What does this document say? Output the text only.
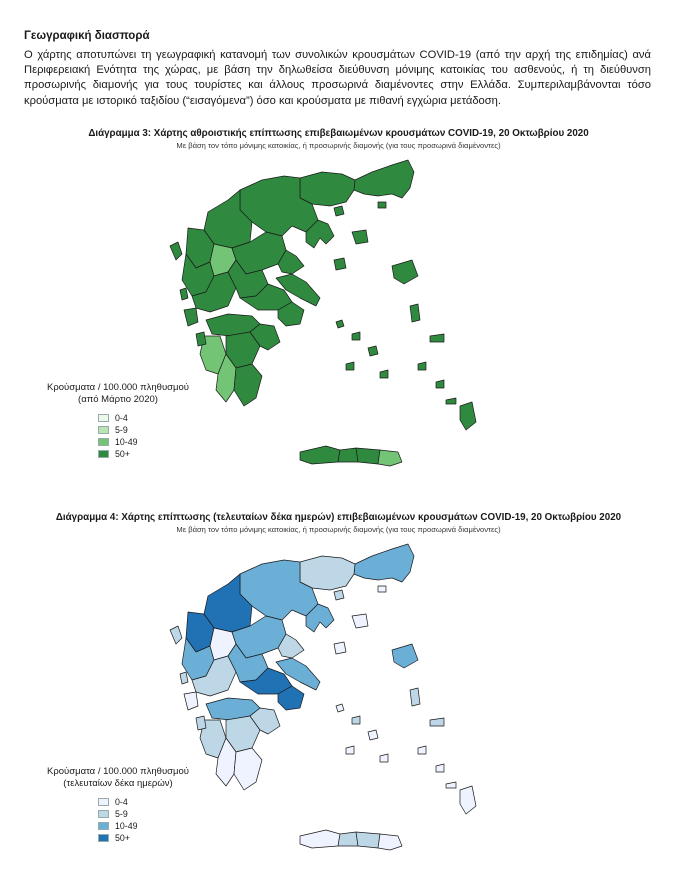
Γεωγραφική διασπορά

Ο χάρτης αποτυπώνει τη γεωγραφική κατανομή των συνολικών κρουσμάτων COVID-19 (από την αρχή της επιδημίας) ανά Περιφερειακή Ενότητα της χώρας, με βάση την δηλωθείσα διεύθυνση μόνιμης κατοικίας του ασθενούς, ή τη διεύθυνση προσωρινής διαμονής για τους τουρίστες και άλλους προσωρινά διαμένοντες στην Ελλάδα. Συμπεριλαμβάνονται τόσο κρούσματα με ιστορικό ταξιδίου (“εισαγόμενα”) όσο και κρούσματα με πιθανή εγχώρια μετάδοση.

Διάγραμμα 3: Χάρτης αθροιστικής επίπτωσης επιβεβαιωμένων κρουσμάτων COVID-19, 20 Οκτωβρίου 2020
Με βάση τον τόπο μόνιμης κατοικίας, ή προσωρινής διαμονής (για τους προσωρινά διαμένοντες)
Κρούσματα / 100.000 πληθυσμού
(από Μάρτιο 2020)
0-4
5-9
10-49
50+
Διάγραμμα 4: Χάρτης επίπτωσης (τελευταίων δέκα ημερών) επιβεβαιωμένων κρουσμάτων COVID-19, 20 Οκτωβρίου 2020
Με βάση τον τόπο μόνιμης κατοικίας, ή προσωρινής διαμονής (για τους προσωρινά διαμένοντες)
Κρούσματα / 100.000 πληθυσμού
(τελευταίων δέκα ημερών)
0-4
5-9
10-49
50+
